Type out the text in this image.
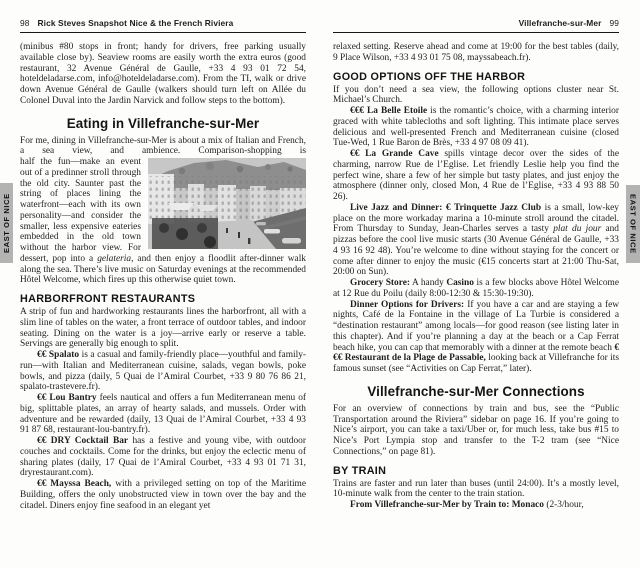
98 Rick Steves Snapshot Nice & the French Riviera
(minibus #80 stops in front; handy for drivers, free parking usually available close by). Seaview rooms are easily worth the extra euros (good restaurant, 32 Avenue Général de Gaulle, +33 4 93 01 72 54, hoteldeladarse.com, info@hoteldeladarse.com). From the TI, walk or drive down Avenue Général de Gaulle (walkers should turn left on Allée du Colonel Duval into the Jardin Narvick and follow steps to the bottom).
Eating in Villefranche-sur-Mer
For me, dining in Villefranche-sur-Mer is about a mix of Italian and French, a sea view, and ambience. Comparison-shopping is
half the fun—make an event out of a predinner stroll through the old city. Saunter past the string of places lining the waterfront—each with its own personality—and consider the smaller, less expensive eateries embedded in the old town without the harbor view. For dessert, pop into a gelateria, and then enjoy a floodlit after-dinner walk along the sea. There’s live music on Saturday evenings at the recommended Hôtel Welcome, which fires up this otherwise quiet town.
HARBORFRONT RESTAURANTS
A strip of fun and hardworking restaurants lines the harborfront, all with a slim line of tables on the water, a front terrace of outdoor tables, and indoor seating. Dining on the water is a joy—arrive early or reserve a table. Servings are generally big enough to split.
€€ Spalato is a casual and family-friendly place—youthful and family-run—with Italian and Mediterranean cuisine, salads, vegan bowls, poke bowls, and pizza (daily, 5 Quai de l’Amiral Courbet, +33 9 80 76 86 21, spalato-trastevere.fr).
€€ Lou Bantry feels nautical and offers a fun Mediterranean menu of big, splittable plates, an array of hearty salads, and mussels. Order with adventure and be rewarded (daily, 13 Quai de l’Amiral Courbet, +33 4 93 91 87 68, restaurant-lou-bantry.fr).
€€ DRY Cocktail Bar has a festive and young vibe, with outdoor couches and cocktails. Come for the drinks, but enjoy the eclectic menu of sharing plates (daily, 17 Quai de l’Amiral Courbet, +33 4 93 01 71 31, dryrestaurant.com).
€€ Mayssa Beach, with a privileged setting on top of the Maritime Building, offers the only unobstructed view in town over the bay and the citadel. Diners enjoy fine seafood in an elegant yet
Villefranche-sur-Mer 99
relaxed setting. Reserve ahead and come at 19:00 for the best tables (daily, 9 Place Wilson, +33 4 93 01 75 08, mayssabeach.fr).
GOOD OPTIONS OFF THE HARBOR
If you don’t need a sea view, the following options cluster near St. Michael’s Church.
€€€ La Belle Etoile is the romantic’s choice, with a charming interior graced with white tablecloths and soft lighting. This intimate place serves delicious and well-presented French and Mediterranean cuisine (closed Tue-Wed, 1 Rue Baron de Brès, +33 4 97 08 09 41).
€€ La Grande Cave spills vintage decor over the sides of the charming, narrow Rue de l’Eglise. Let friendly Leslie help you find the perfect wine, share a few of her simple but tasty plates, and just enjoy the atmosphere (dinner only, closed Mon, 4 Rue de l’Eglise, +33 4 93 88 50 26).
Live Jazz and Dinner: € Trinquette Jazz Club is a small, low-key place on the more workaday marina a 10-minute stroll around the citadel. From Thursday to Sunday, Jean-Charles serves a tasty plat du jour and pizzas before the cool live music starts (30 Avenue Général de Gaulle, +33 4 93 16 92 48). You’re welcome to dine without staying for the concert or come after dinner to enjoy the music (€15 concerts start at 21:00 Thu-Sat, 20:00 on Sun).
Grocery Store: A handy Casino is a few blocks above Hôtel Welcome at 12 Rue du Poilu (daily 8:00-12:30 & 15:30-19:30).
Dinner Options for Drivers: If you have a car and are staying a few nights, Café de la Fontaine in the village of La Turbie is considered a “destination restaurant” among locals—for good reason (see listing later in this chapter). And if you’re planning a day at the beach or a Cap Ferrat beach hike, you can cap that memorably with a dinner at the remote beach €€€ Restaurant de la Plage de Passable, looking back at Villefranche for its famous sunset (see “Activities on Cap Ferrat,” later).
Villefranche-sur-Mer Connections
For an overview of connections by train and bus, see the “Public Transportation around the Riviera” sidebar on page 16. If you’re going to Nice’s airport, you can take a taxi/Uber or, for much less, take bus #15 to Nice’s Port Lympia stop and transfer to the T-2 tram (see “Nice Connections,” on page 81).
BY TRAIN
Trains are faster and run later than buses (until 24:00). It’s a mostly level, 10-minute walk from the center to the train station.
From Villefranche-sur-Mer by Train to: Monaco (2-3/hour,
EAST OF NICE	EAST OF NICE
